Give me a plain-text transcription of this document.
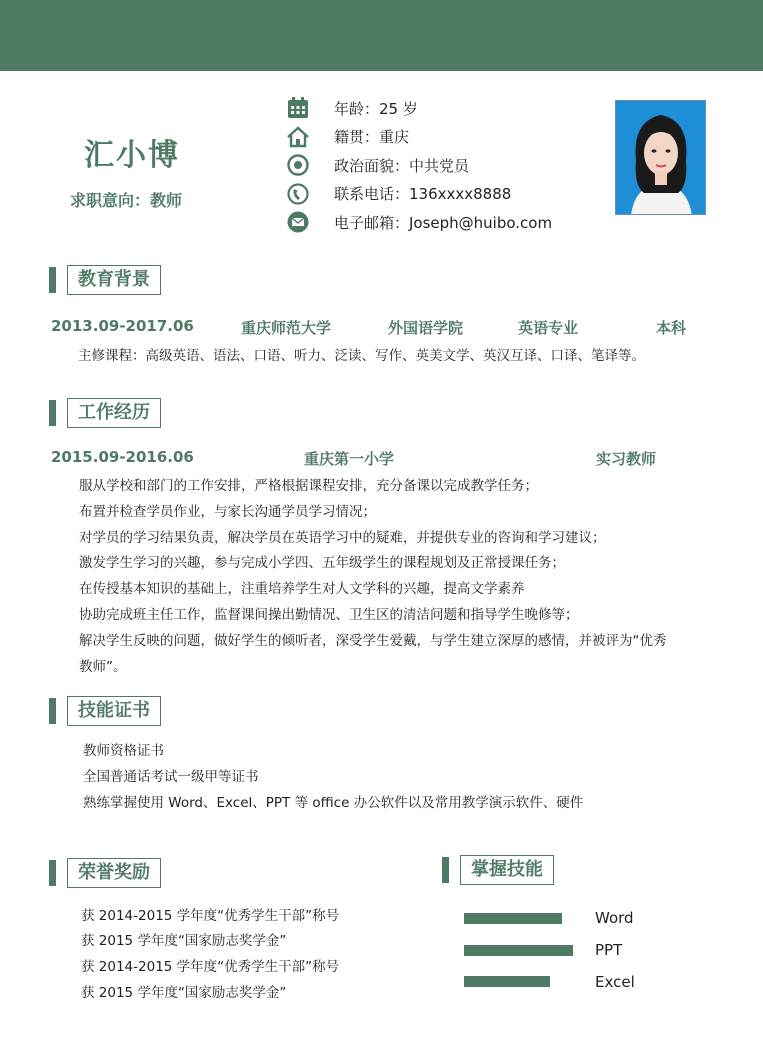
汇小博
求职意向：教师
年龄：25 岁
籍贯：重庆
政治面貌：中共党员
联系电话：136xxxx8888
电子邮箱：Joseph@huibo.com
教育背景
2013.09-2017.06	重庆师范大学	外国语学院	英语专业	本科
主修课程：高级英语、语法、口语、听力、泛读、写作、英美文学、英汉互译、口译、笔译等。
工作经历
2015.09-2016.06	重庆第一小学	实习教师
服从学校和部门的工作安排，严格根据课程安排，充分备课以完成教学任务；
布置并检查学员作业，与家长沟通学员学习情况；
对学员的学习结果负责，解决学员在英语学习中的疑难，并提供专业的咨询和学习建议；
激发学生学习的兴趣，参与完成小学四、五年级学生的课程规划及正常授课任务；
在传授基本知识的基础上，注重培养学生对人文学科的兴趣，提高文学素养
协助完成班主任工作，监督课间操出勤情况、卫生区的清洁问题和指导学生晚修等；
解决学生反映的问题，做好学生的倾听者，深受学生爱戴，与学生建立深厚的感情，并被评为“优秀
教师”。
技能证书
教师资格证书
全国普通话考试一级甲等证书
熟练掌握使用 Word、Excel、PPT 等 office 办公软件以及常用教学演示软件、硬件
荣誉奖励
获 2014-2015 学年度“优秀学生干部”称号
获 2015 学年度“国家励志奖学金”
获 2014-2015 学年度“优秀学生干部”称号
获 2015 学年度“国家励志奖学金”
掌握技能
Word
PPT
Excel
